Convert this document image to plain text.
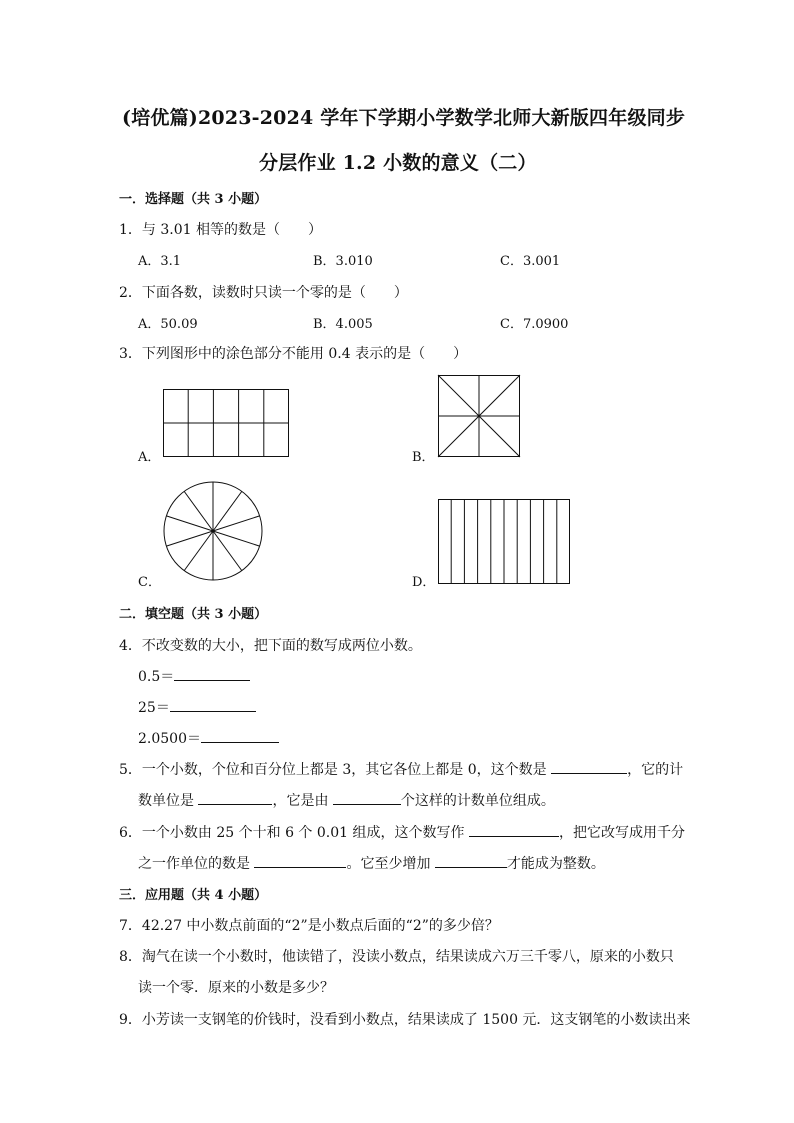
(培优篇)2023-2024 学年下学期小学数学北师大新版四年级同步
分层作业 1.2 小数的意义（二）
一．选择题（共 3 小题）
1．与 3.01 相等的数是（　　）
A．3.1	B．3.010	C．3.001
2．下面各数，读数时只读一个零的是（　　）
A．50.09	B．4.005	C．7.0900
3．下列图形中的涂色部分不能用 0.4 表示的是（　　）
A．	B．
C．	D．
二．填空题（共 3 小题）
4．不改变数的大小，把下面的数写成两位小数。
0.5＝
25＝
2.0500＝
5．一个小数，个位和百分位上都是 3，其它各位上都是 0，这个数是	，它的计
数单位是	，它是由	个这样的计数单位组成。
6．一个小数由 25 个十和 6 个 0.01 组成，这个数写作	，把它改写成用千分
之一作单位的数是	。它至少增加	才能成为整数。
三．应用题（共 4 小题）
7．42.27 中小数点前面的“2”是小数点后面的“2”的多少倍？
8．淘气在读一个小数时，他读错了，没读小数点，结果读成六万三千零八，原来的小数只
读一个零．原来的小数是多少？
9．小芳读一支钢笔的价钱时，没看到小数点，结果读成了 1500 元．这支钢笔的小数读出来
